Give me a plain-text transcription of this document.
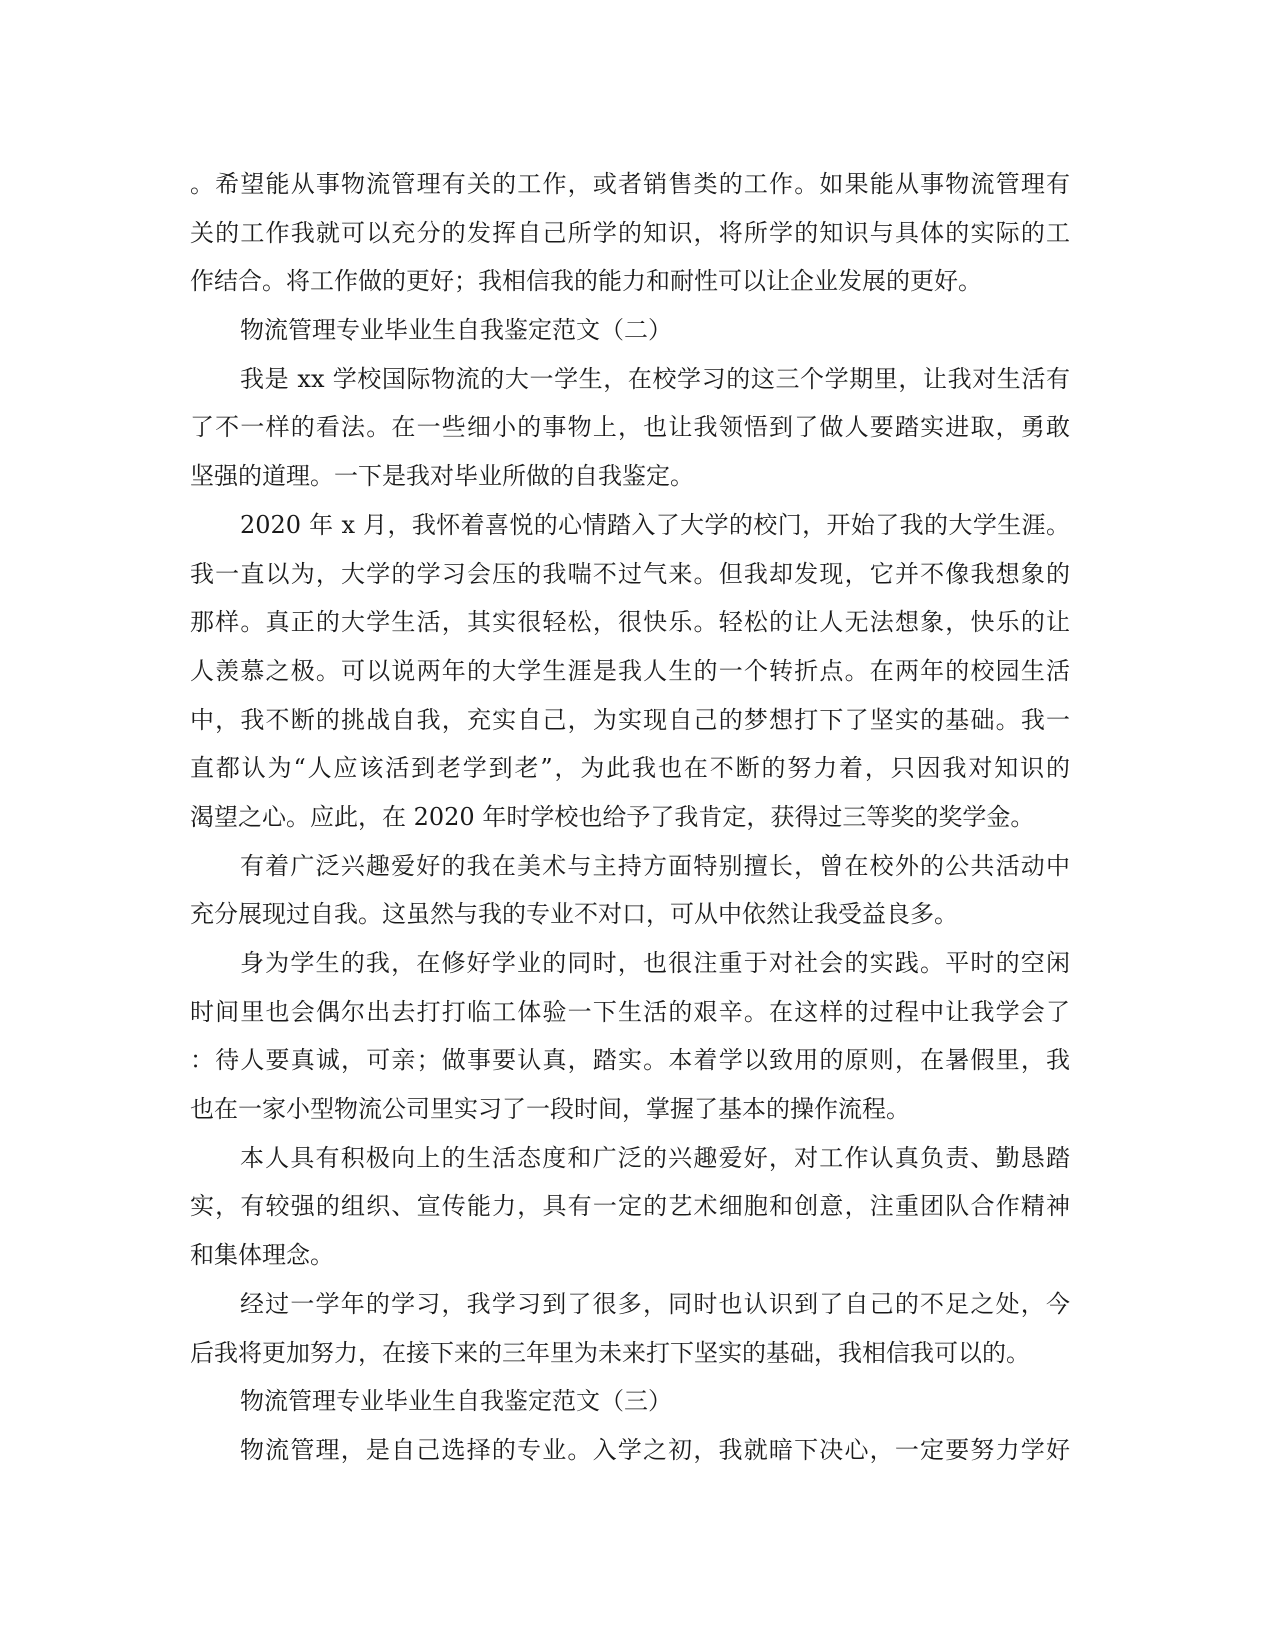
。希望能从事物流管理有关的工作，或者销售类的工作。如果能从事物流管理有
关的工作我就可以充分的发挥自己所学的知识，将所学的知识与具体的实际的工
作结合。将工作做的更好；我相信我的能力和耐性可以让企业发展的更好。
物流管理专业毕业生自我鉴定范文（二）
我是 xx 学校国际物流的大一学生，在校学习的这三个学期里，让我对生活有
了不一样的看法。在一些细小的事物上，也让我领悟到了做人要踏实进取，勇敢
坚强的道理。一下是我对毕业所做的自我鉴定。
2020 年 x 月，我怀着喜悦的心情踏入了大学的校门，开始了我的大学生涯。
我一直以为，大学的学习会压的我喘不过气来。但我却发现，它并不像我想象的
那样。真正的大学生活，其实很轻松，很快乐。轻松的让人无法想象，快乐的让
人羡慕之极。可以说两年的大学生涯是我人生的一个转折点。在两年的校园生活
中，我不断的挑战自我，充实自己，为实现自己的梦想打下了坚实的基础。我一
直都认为“人应该活到老学到老”，为此我也在不断的努力着，只因我对知识的
渴望之心。应此，在 2020 年时学校也给予了我肯定，获得过三等奖的奖学金。
有着广泛兴趣爱好的我在美术与主持方面特别擅长，曾在校外的公共活动中
充分展现过自我。这虽然与我的专业不对口，可从中依然让我受益良多。
身为学生的我，在修好学业的同时，也很注重于对社会的实践。平时的空闲
时间里也会偶尔出去打打临工体验一下生活的艰辛。在这样的过程中让我学会了
：待人要真诚，可亲；做事要认真，踏实。本着学以致用的原则，在暑假里，我
也在一家小型物流公司里实习了一段时间，掌握了基本的操作流程。
本人具有积极向上的生活态度和广泛的兴趣爱好，对工作认真负责、勤恳踏
实，有较强的组织、宣传能力，具有一定的艺术细胞和创意，注重团队合作精神
和集体理念。
经过一学年的学习，我学习到了很多，同时也认识到了自己的不足之处，今
后我将更加努力，在接下来的三年里为未来打下坚实的基础，我相信我可以的。
物流管理专业毕业生自我鉴定范文（三）
物流管理，是自己选择的专业。入学之初，我就暗下决心，一定要努力学好
